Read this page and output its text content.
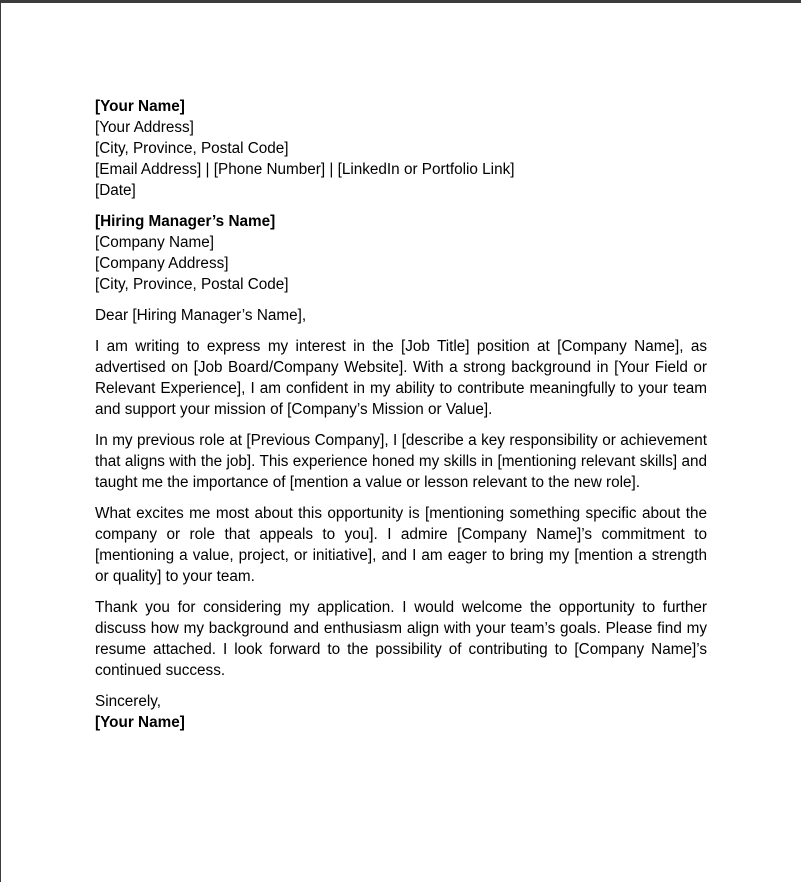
[Your Name]
[Your Address]
[City, Province, Postal Code]
[Email Address] | [Phone Number] | [LinkedIn or Portfolio Link]
[Date]
[Hiring Manager’s Name]
[Company Name]
[Company Address]
[City, Province, Postal Code]

Dear [Hiring Manager’s Name],

I am writing to express my interest in the [Job Title] position at [Company Name], as advertised on [Job Board/Company Website]. With a strong background in [Your Field or Relevant Experience], I am confident in my ability to contribute meaningfully to your team and support your mission of [Company’s Mission or Value].

In my previous role at [Previous Company], I [describe a key responsibility or achievement that aligns with the job]. This experience honed my skills in [mentioning relevant skills] and taught me the importance of [mention a value or lesson relevant to the new role].

What excites me most about this opportunity is [mentioning something specific about the company or role that appeals to you]. I admire [Company Name]’s commitment to [mentioning a value, project, or initiative], and I am eager to bring my [mention a strength or quality] to your team.

Thank you for considering my application. I would welcome the opportunity to further discuss how my background and enthusiasm align with your team’s goals. Please find my resume attached. I look forward to the possibility of contributing to [Company Name]’s continued success.

Sincerely,
[Your Name]
